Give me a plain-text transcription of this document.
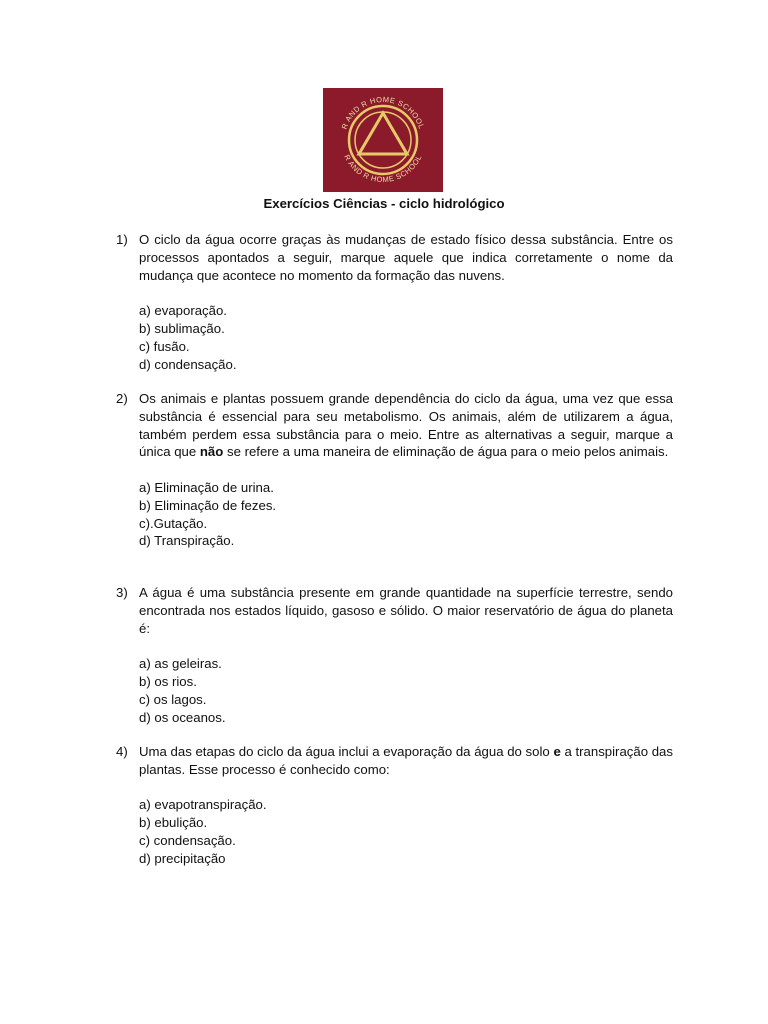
R AND R HOME SCHOOL
R AND R HOME SCHOOL
Exercícios Ciências - ciclo hidrológico
1) O ciclo da água ocorre graças às mudanças de estado físico dessa substância. Entre os processos apontados a seguir, marque aquele que indica corretamente o nome da mudança que acontece no momento da formação das nuvens.
a) evaporação.
b) sublimação.
c) fusão.
d) condensação.
2) Os animais e plantas possuem grande dependência do ciclo da água, uma vez que essa substância é essencial para seu metabolismo. Os animais, além de utilizarem a água, também perdem essa substância para o meio. Entre as alternativas a seguir, marque a única que não se refere a uma maneira de eliminação de água para o meio pelos animais.
a) Eliminação de urina.
b) Eliminação de fezes.
c).Gutação.
d) Transpiração.
3) A água é uma substância presente em grande quantidade na superfície terrestre, sendo encontrada nos estados líquido, gasoso e sólido. O maior reservatório de água do planeta é:
a) as geleiras.
b) os rios.
c) os lagos.
d) os oceanos.
4) Uma das etapas do ciclo da água inclui a evaporação da água do solo e a transpiração das plantas. Esse processo é conhecido como:
a) evapotranspiração.
b) ebulição.
c) condensação.
d) precipitação
